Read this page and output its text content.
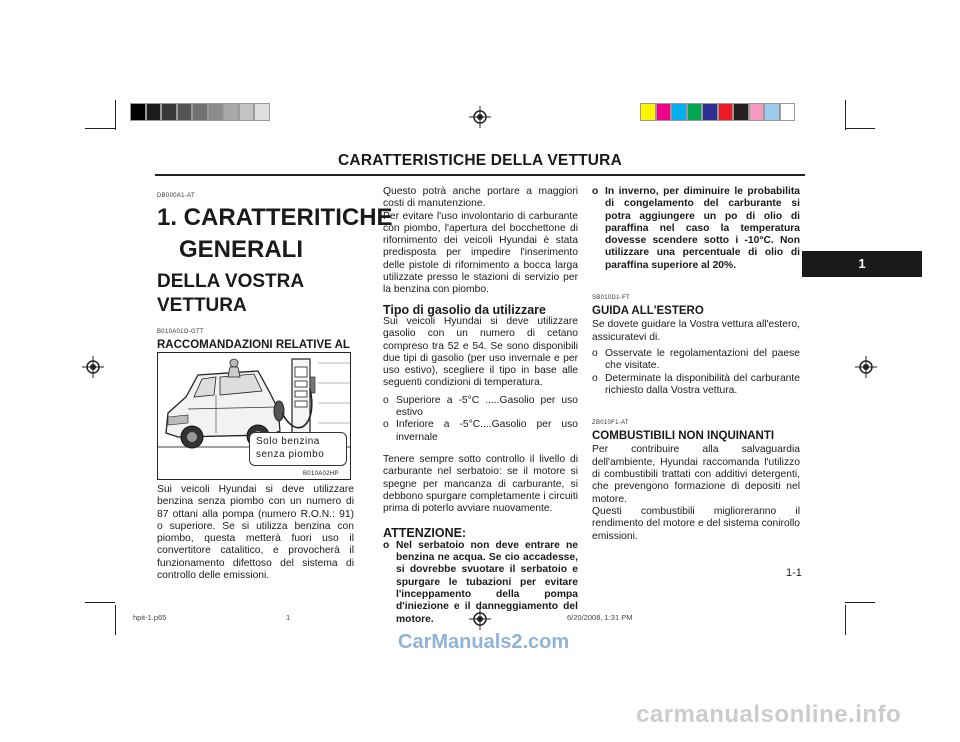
CARATTERISTICHE DELLA VETTURA
1
DB000A1-AT
1. CARATTERITICHE
GENERALI
DELLA VOSTRA
VETTURA
B010A01O-GTT
RACCOMANDAZIONI RELATIVE AL
Solo benzina senza piombo
B010A02HP
Sui veicoli Hyundai si deve utilizzare benzina senza piombo con un numero di 87 ottani alla pompa (numero R.O.N.: 91) o superiore. Se si utilizza benzina con piombo, questa metterà fuori uso il convertitore catalitico, e provocherà il funzionamento difettoso del sistema di controllo delle emissioni.
Questo potrà anche portare a maggiori costi di manutenzione.
Per evitare l'uso involontario di carburante con piombo, l'apertura del bocchettone di rifornimento dei veicoli Hyundai è stata predisposta per impedire l'inserimento delle pistole di rifornimento a bocca larga utilizzate presso le stazioni di servizio per la benzina con piombo.
Tipo di gasolio da utilizzare
Sui veicoli Hyundai si deve utilizzare gasolio con un numero di cetano compreso tra 52 e 54. Se sono disponibili due tipi di gasolio (per uso invernale e per uso estivo), scegliere il tipo in base alle seguenti condizioni di temperatura.
o Superiore a -5°C .....Gasolio per uso estivo
o Inferiore a -5°C....Gasolio per uso invernale
Tenere sempre sotto controllo il livello di carburante nel serbatoio: se il motore si spegne per mancanza di carburante, si debbono spurgare completamente i circuiti prima di poterlo avviare nuovamente.
ATTENZIONE:
o Nel serbatoio non deve entrare ne benzina ne acqua. Se cio accadesse, si dovrebbe svuotare il serbatoio e spurgare le tubazioni per evitare l'inceppamento della pompa d'iniezione e il danneggiamento del motore.
o In inverno, per diminuire le probabilita di congelamento del carburante si potra aggiungere un po di olio di paraffina nel caso la temperatura dovesse scendere sotto i -10°C. Non utilizzare una percentuale di olio di paraffina superiore al 20%.
SB010D1-FT
GUIDA ALL'ESTERO
Se dovete guidare la Vostra vettura all'estero, assicuratevi di.
o Osservate le regolamentazioni del paese che visitate.
o Determinate la disponibilità del carburante richiesto dalla Vostra vettura.
ZB010F1-AT
COMBUSTIBILI NON INQUINANTI
Per contribuire alla salvaguardia dell'ambiente, Hyundai raccomanda l'utilizzo di combustibili trattati con additivi detergenti, che prevengono formazione di depositi nel motore.
Questi combustibili miglioreranno il rendimento del motore e del sistema conirollo emissioni.
1-1
hpit-1.p65	1	6/20/2008, 1:31 PM
CarManuals2.com
carmanualsonline.info
